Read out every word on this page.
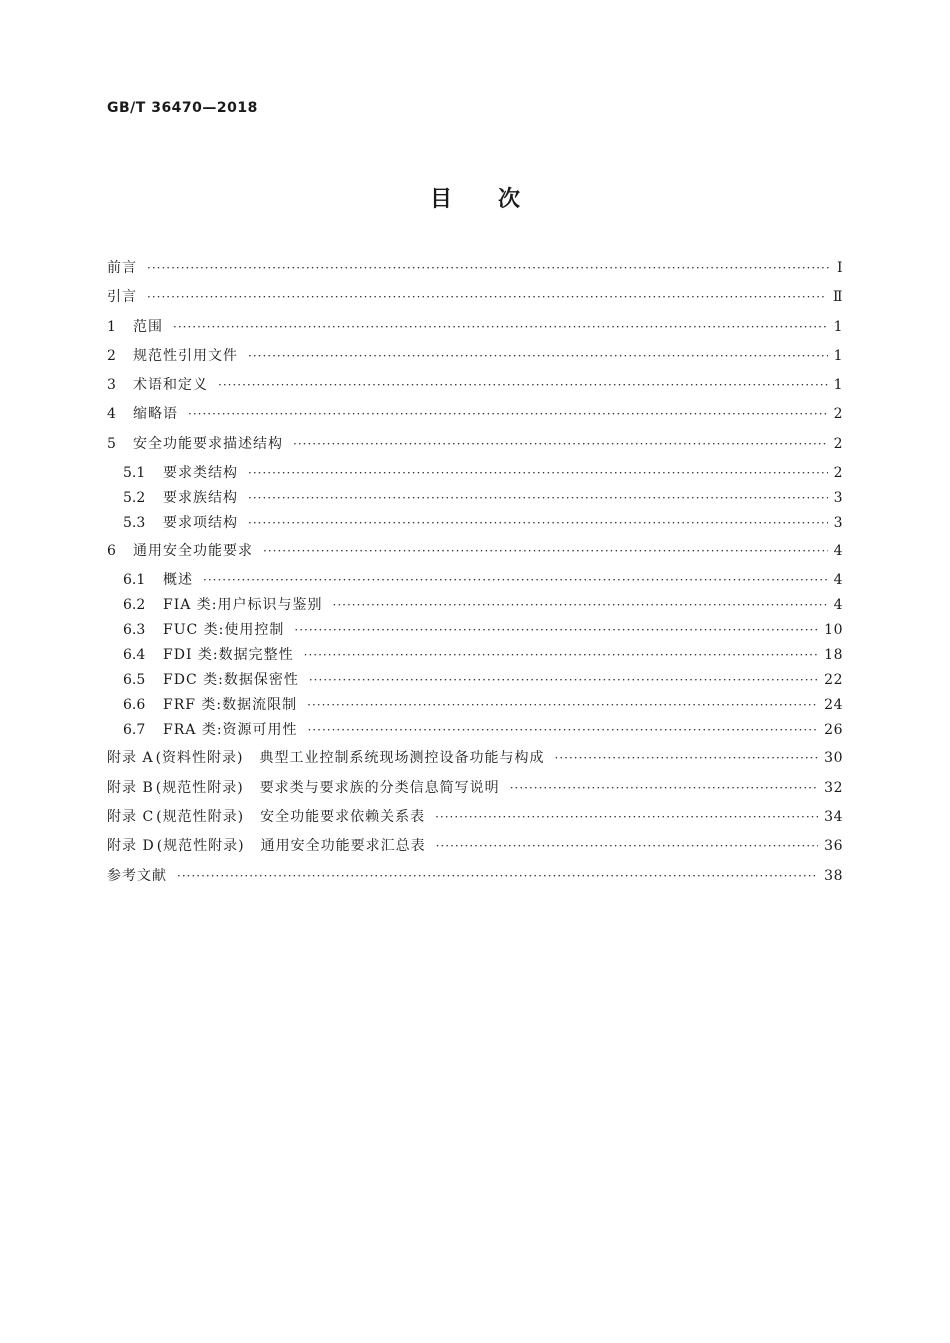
GB/T 36470—2018
目次
前言 ·····	Ⅰ
引言 ·····	Ⅱ
1	范围 ·····	1
2	规范性引用文件 ·····	1
3	术语和定义 ·····	1
4	缩略语 ·····	2
5	安全功能要求描述结构 ·····	2
5.1	要求类结构 ·····	2
5.2	要求族结构 ·····	3
5.3	要求项结构 ·····	3
6	通用安全功能要求 ·····	4
6.1	概述 ·····	4
6.2	FIA 类:用户标识与鉴别 ·····	4
6.3	FUC 类:使用控制 ·····	10
6.4	FDI 类:数据完整性 ·····	18
6.5	FDC 类:数据保密性 ·····	22
6.6	FRF 类:数据流限制 ·····	24
6.7	FRA 类:资源可用性 ·····	26
附录 A (资料性附录) 典型工业控制系统现场测控设备功能与构成 ·····	30
附录 B (规范性附录) 要求类与要求族的分类信息简写说明 ·····	32
附录 C (规范性附录) 安全功能要求依赖关系表 ·····	34
附录 D (规范性附录) 通用安全功能要求汇总表 ·····	36
参考文献 ·····	38
